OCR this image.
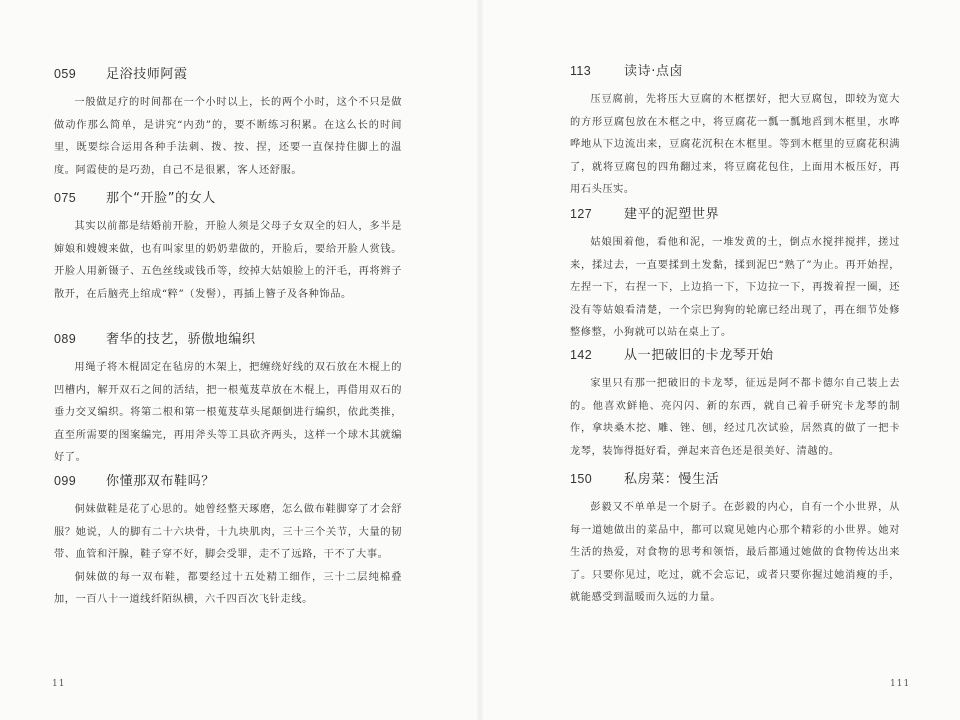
059	足浴技师阿霞

一般做足疗的时间都在一个小时以上，长的两个小时，这个不只是做做动作那么简单，是讲究“内劲”的，要不断练习积累。在这么长的时间里，既要综合运用各种手法刺、拨、按、捏，还要一直保持住脚上的温度。阿霞使的是巧劲，自己不是很累，客人还舒服。

075	那个“开脸”的女人

其实以前都是结婚前开脸，开脸人须是父母子女双全的妇人，多半是婶娘和嫂嫂来做，也有叫家里的奶奶辈做的，开脸后，要给开脸人赏钱。开脸人用新镊子、五色丝线或钱币等，绞掉大姑娘脸上的汗毛，再将辫子散开，在后脑壳上绾成“粹”（发髻），再插上簪子及各种饰品。

089	奢华的技艺，骄傲地编织

用绳子将木棍固定在毡房的木架上，把缠绕好线的双石放在木棍上的凹槽内，解开双石之间的活结，把一根蒐芨草放在木棍上，再借用双石的垂力交叉编织。将第二根和第一根蒐芨草头尾颠倒进行编织，依此类推，直至所需要的图案编完，再用斧头等工具砍齐两头，这样一个球木其就编好了。

099	你懂那双布鞋吗？

侗妹做鞋是花了心思的。她曾经整天琢磨，怎么做布鞋脚穿了才会舒服？她说，人的脚有二十六块骨，十九块肌肉，三十三个关节，大量的韧带、血管和汗腺，鞋子穿不好，脚会受罪，走不了远路，干不了大事。

侗妹做的每一双布鞋，都要经过十五处精工细作，三十二层纯棉叠加，一百八十一道线纤陌纵横，六千四百次飞针走线。

11
113	读诗·点卤

压豆腐前，先将压大豆腐的木框摆好，把大豆腐包，即较为宽大的方形豆腐包放在木框之中，将豆腐花一瓢一瓢地舀到木框里，水哗哗地从下边流出来，豆腐花沉积在木框里。等到木框里的豆腐花积满了，就将豆腐包的四角翻过来，将豆腐花包住，上面用木板压好，再用石头压实。

127	建平的泥塑世界

姑娘围着他，看他和泥，一堆发黄的土，倒点水搅拌搅拌，搓过来，揉过去，一直要揉到土发黏，揉到泥巴“熟了”为止。再开始捏，左捏一下，右捏一下，上边掐一下，下边拉一下，再拨着捏一圈，还没有等姑娘看清楚，一个宗巴狗狗的轮廓已经出现了，再在细节处修整修整，小狗就可以站在桌上了。

142	从一把破旧的卡龙琴开始

家里只有那一把破旧的卡龙琴，征远是阿不都卡德尔自己装上去的。他喜欢鲜艳、亮闪闪、新的东西，就自己着手研究卡龙琴的制作，拿块桑木挖、雕、锉、刨，经过几次试验，居然真的做了一把卡龙琴，装饰得挺好看，弹起来音色还是很美好、清越的。

150	私房菜：慢生活

彭毅又不单单是一个厨子。在彭毅的内心，自有一个小世界，从每一道她做出的菜品中，都可以窥见她内心那个精彩的小世界。她对生活的热爱，对食物的思考和领悟，最后都通过她做的食物传达出来了。只要你见过，吃过，就不会忘记，或者只要你握过她消瘦的手，就能感受到温暖而久远的力量。

111
